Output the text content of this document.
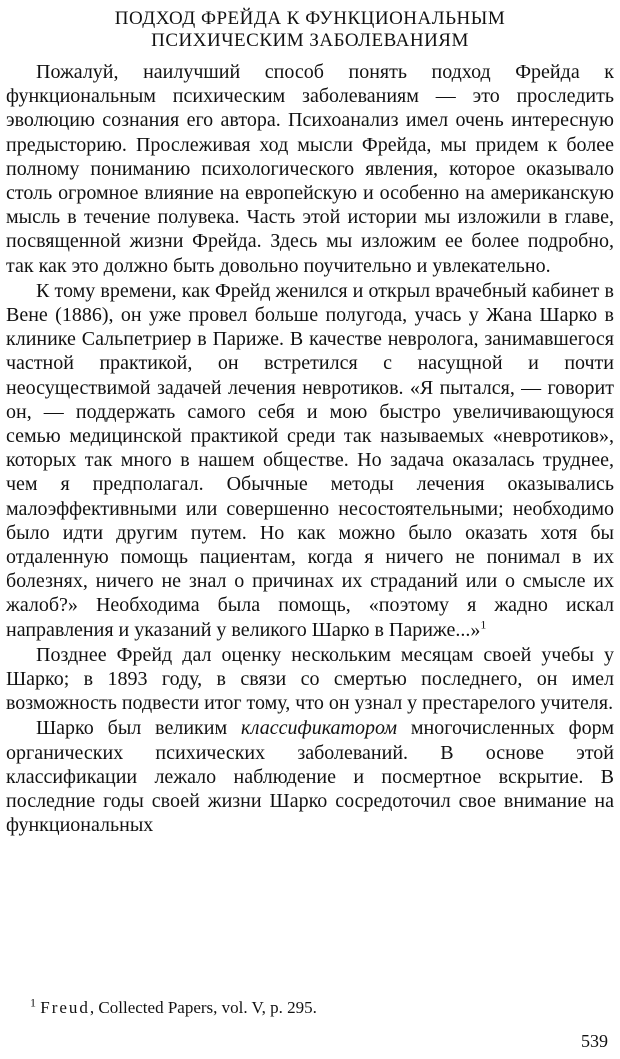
ПОДХОД ФРЕЙДА К ФУНКЦИОНАЛЬНЫМ
ПСИХИЧЕСКИМ ЗАБОЛЕВАНИЯМ

Пожалуй, наилучший способ понять подход Фрейда к функциональным психическим заболеваниям — это проследить эволюцию сознания его автора. Психоанализ имел очень интересную предысторию. Прослеживая ход мысли Фрейда, мы придем к более полному пониманию психологического явления, которое оказывало столь огромное влияние на европейскую и особенно на американскую мысль в течение полувека. Часть этой истории мы изложили в главе, посвященной жизни Фрейда. Здесь мы изложим ее более подробно, так как это должно быть довольно поучительно и увлекательно.

К тому времени, как Фрейд женился и открыл врачебный кабинет в Вене (1886), он уже провел больше полугода, учась у Жана Шарко в клинике Сальпетриер в Париже. В качестве невролога, занимавшегося частной практикой, он встретился с насущной и почти неосуществимой задачей лечения невротиков. «Я пытался, — говорит он, — поддержать самого себя и мою быстро увеличивающуюся семью медицинской практикой среди так называемых «невротиков», которых так много в нашем обществе. Но задача оказалась труднее, чем я предполагал. Обычные методы лечения оказывались малоэффективными или совершенно несостоятельными; необходимо было идти другим путем. Но как можно было оказать хотя бы отдаленную помощь пациентам, когда я ничего не понимал в их болезнях, ничего не знал о причинах их страданий или о смысле их жалоб?» Необходима была помощь, «поэтому я жадно искал направления и указаний у великого Шарко в Париже...»$^1$

Позднее Фрейд дал оценку нескольким месяцам своей учебы у Шарко; в 1893 году, в связи со смертью последнего, он имел возможность подвести итог тому, что он узнал у престарелого учителя.

Шарко был великим классификатором многочисленных форм органических психических заболеваний. В основе этой классификации лежало наблюдение и посмертное вскрытие. В последние годы своей жизни Шарко сосредоточил свое внимание на функциональных

$^1$ Freud, Collected Papers, vol. V, p. 295.
539
